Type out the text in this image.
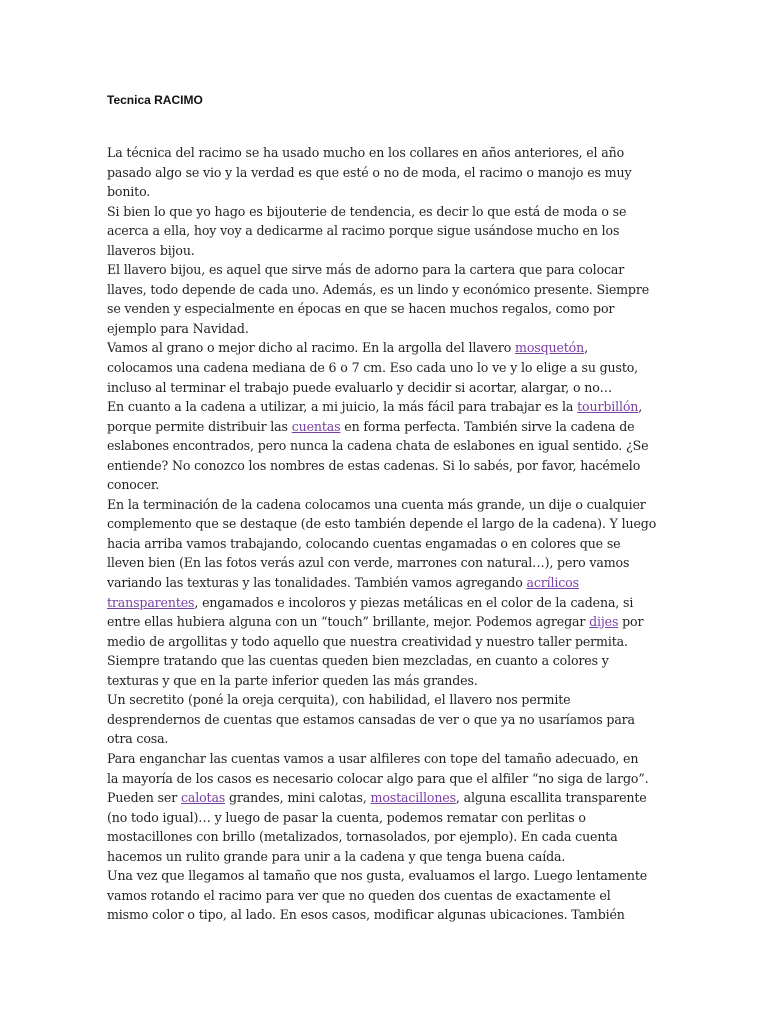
Tecnica RACIMO
La técnica del racimo se ha usado mucho en los collares en años anteriores, el año
pasado algo se vio y la verdad es que esté o no de moda, el racimo o manojo es muy
bonito.
Si bien lo que yo hago es bijouterie de tendencia, es decir lo que está de moda o se
acerca a ella, hoy voy a dedicarme al racimo porque sigue usándose mucho en los
llaveros bijou.
El llavero bijou, es aquel que sirve más de adorno para la cartera que para colocar
llaves, todo depende de cada uno. Además, es un lindo y económico presente. Siempre
se venden y especialmente en épocas en que se hacen muchos regalos, como por
ejemplo para Navidad.
Vamos al grano o mejor dicho al racimo. En la argolla del llavero mosquetón,
colocamos una cadena mediana de 6 o 7 cm. Eso cada uno lo ve y lo elige a su gusto,
incluso al terminar el trabajo puede evaluarlo y decidir si acortar, alargar, o no…
En cuanto a la cadena a utilizar, a mi juicio, la más fácil para trabajar es la tourbillón,
porque permite distribuir las cuentas en forma perfecta. También sirve la cadena de
eslabones encontrados, pero nunca la cadena chata de eslabones en igual sentido. ¿Se
entiende? No conozco los nombres de estas cadenas. Si lo sabés, por favor, hacémelo
conocer.
En la terminación de la cadena colocamos una cuenta más grande, un dije o cualquier
complemento que se destaque (de esto también depende el largo de la cadena). Y luego
hacia arriba vamos trabajando, colocando cuentas engamadas o en colores que se
lleven bien (En las fotos verás azul con verde, marrones con natural…), pero vamos
variando las texturas y las tonalidades. También vamos agregando acrílicos
transparentes, engamados e incoloros y piezas metálicas en el color de la cadena, si
entre ellas hubiera alguna con un “touch” brillante, mejor. Podemos agregar dijes por
medio de argollitas y todo aquello que nuestra creatividad y nuestro taller permita.
Siempre tratando que las cuentas queden bien mezcladas, en cuanto a colores y
texturas y que en la parte inferior queden las más grandes.
Un secretito (poné la oreja cerquita), con habilidad, el llavero nos permite
desprendernos de cuentas que estamos cansadas de ver o que ya no usaríamos para
otra cosa.
Para enganchar las cuentas vamos a usar alfileres con tope del tamaño adecuado, en
la mayoría de los casos es necesario colocar algo para que el alfiler “no siga de largo”.
Pueden ser calotas grandes, mini calotas, mostacillones, alguna escallita transparente
(no todo igual)… y luego de pasar la cuenta, podemos rematar con perlitas o
mostacillones con brillo (metalizados, tornasolados, por ejemplo). En cada cuenta
hacemos un rulito grande para unir a la cadena y que tenga buena caída.
Una vez que llegamos al tamaño que nos gusta, evaluamos el largo. Luego lentamente
vamos rotando el racimo para ver que no queden dos cuentas de exactamente el
mismo color o tipo, al lado. En esos casos, modificar algunas ubicaciones. También
